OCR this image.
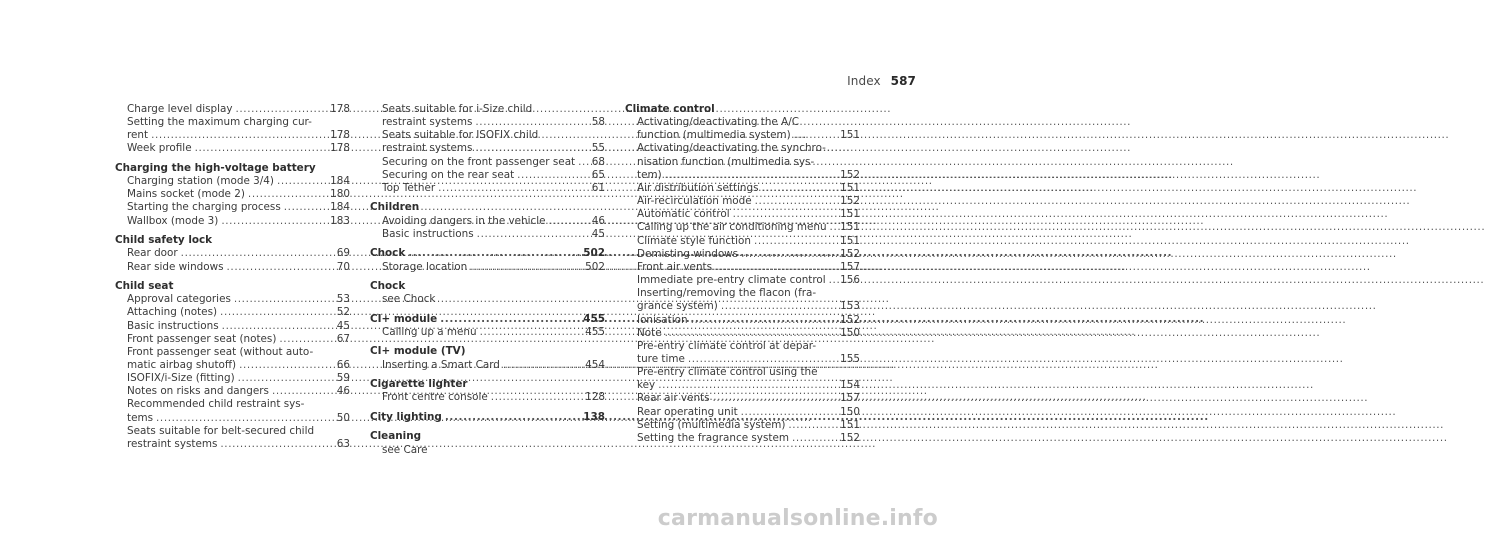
Index 587
Charge level display .....	178
Setting the maximum charging cur-
rent .....	178
Week profile .....	178
Charging the high-voltage battery
Charging station (mode 3/4) .....	184
Mains socket (mode 2) .....	180
Starting the charging process .....	184
Wallbox (mode 3) .....	183
Child safety lock
Rear door .....	69
Rear side windows .....	70
Child seat
Approval categories .....	53
Attaching (notes) .....	52
Basic instructions .....	45
Front passenger seat (notes) .....	67
Front passenger seat (without auto-
matic airbag shutoff) .....	66
ISOFIX/i-Size (fitting) .....	59
Notes on risks and dangers .....	46
Recommended child restraint sys-
tems .....	50
Seats suitable for belt-secured child
restraint systems .....	63
Seats suitable for i-Size child
restraint systems .....	58
Seats suitable for ISOFIX child
restraint systems .....	55
Securing on the front passenger seat ..... 68
Securing on the rear seat .....	65
Top Tether .....	61
Children
Avoiding dangers in the vehicle .....	46
Basic instructions .....	45
Chock .....	502
Storage location .....	502
Chock
see Chock
CI+ module .....	455
Calling up a menu .....	455
CI+ module (TV)
Inserting a Smart Card .....	454
Cigarette lighter
Front centre console .....	128
City lighting .....	138
Cleaning
see Care
Climate control
Activating/deactivating the A/C
function (multimedia system) .....	151
Activating/deactivating the synchro-
nisation function (multimedia sys-
tem) .....	152
Air distribution settings .....	151
Air-recirculation mode .....	152
Automatic control .....	151
Calling up the air conditioning menu ..... 151
Climate style function .....	151
Demisting windows .....	152
Front air vents .....	157
Immediate pre-entry climate control ..... 156
Inserting/removing the flacon (fra-
grance system) .....	153
Ionisation .....	152
Note .....	150
Pre-entry climate control at depar-
ture time .....	155
Pre-entry climate control using the
key .....	154
Rear air vents .....	157
Rear operating unit .....	150
Setting (multimedia system) .....	151
Setting the fragrance system .....	152
carmanualsonline.info
